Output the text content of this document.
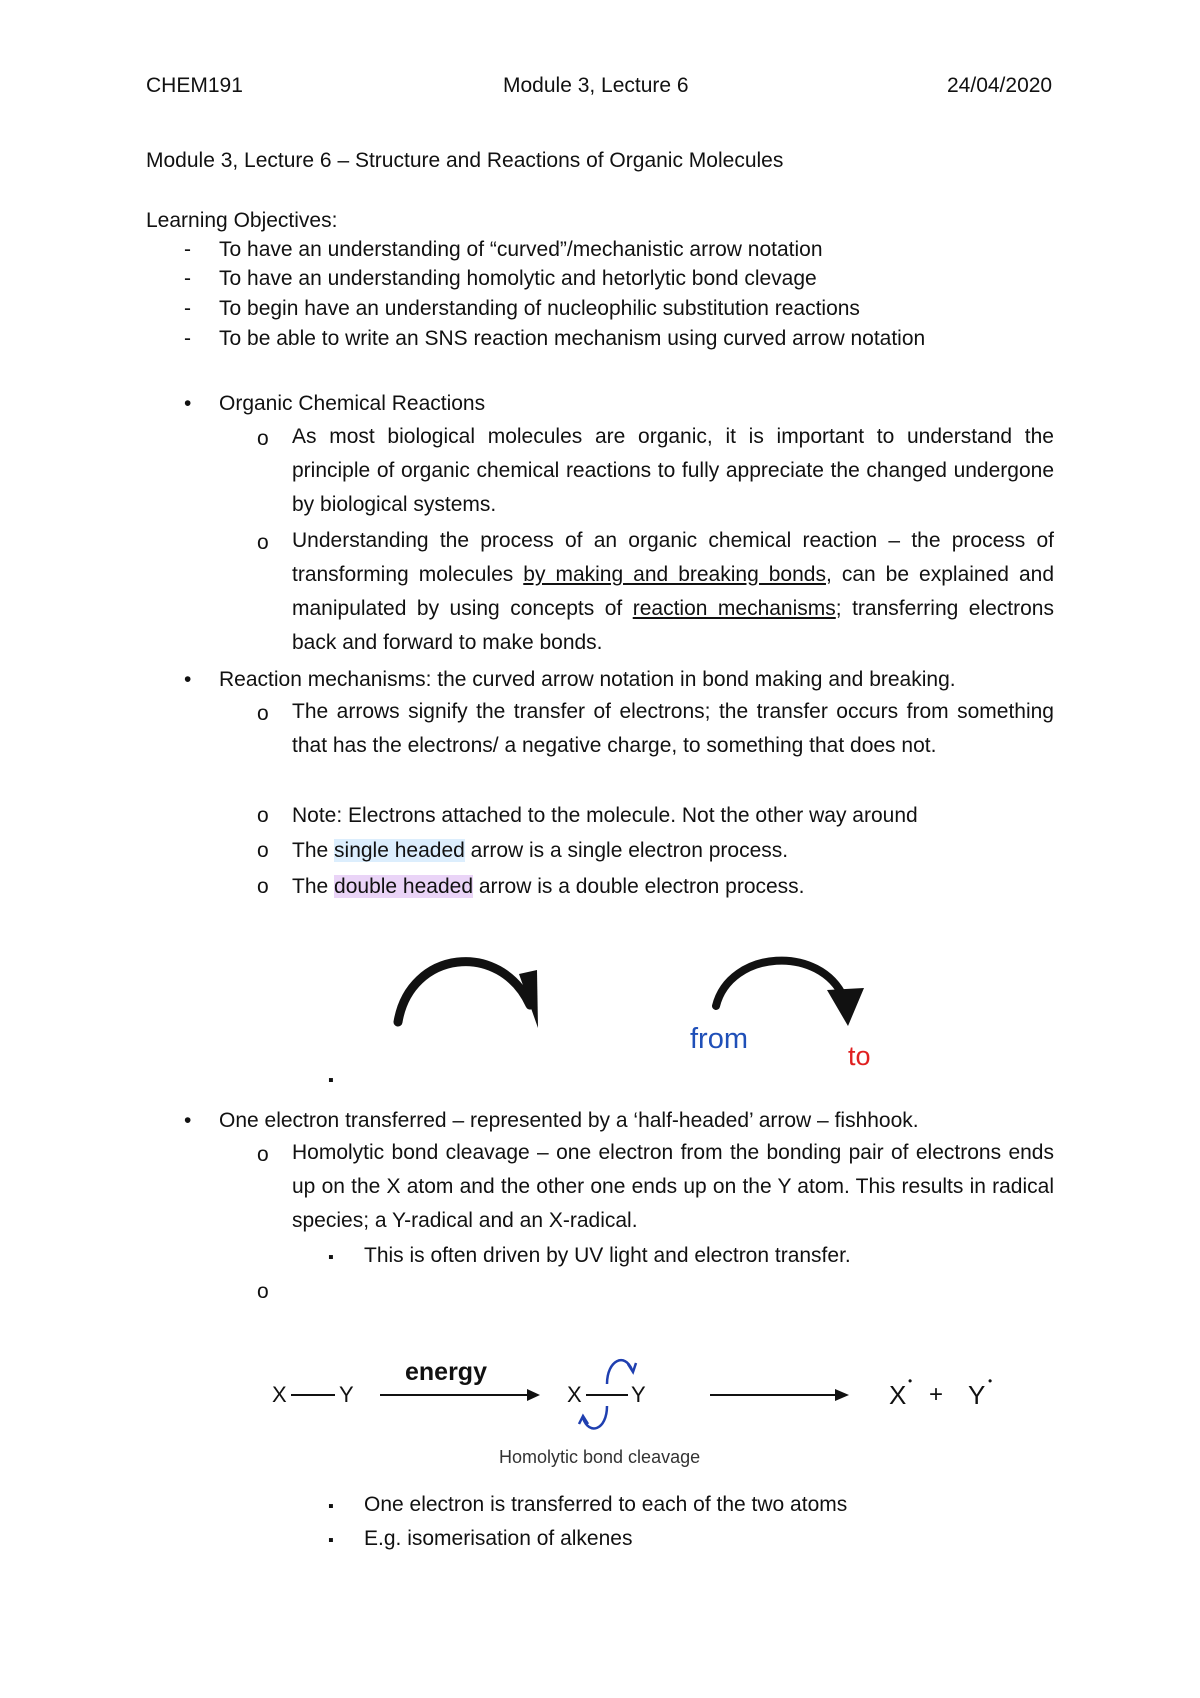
CHEM191	Module 3, Lecture 6	24/04/2020
Module 3, Lecture 6 – Structure and Reactions of Organic Molecules
Learning Objectives:
- To have an understanding of “curved”/mechanistic arrow notation
- To have an understanding homolytic and hetorlytic bond clevage
- To begin have an understanding of nucleophilic substitution reactions
- To be able to write an SNS reaction mechanism using curved arrow notation
• Organic Chemical Reactions
o As most biological molecules are organic, it is important to understand the principle of organic chemical reactions to fully appreciate the changed undergone by biological systems.
o Understanding the process of an organic chemical reaction – the process of transforming molecules by making and breaking bonds, can be explained and manipulated by using concepts of reaction mechanisms; transferring electrons back and forward to make bonds.
• Reaction mechanisms: the curved arrow notation in bond making and breaking.
o The arrows signify the transfer of electrons; the transfer occurs from something that has the electrons/ a negative charge, to something that does not.
o Note: Electrons attached to the molecule. Not the other way around
o The single headed arrow is a single electron process.
o The double headed arrow is a double electron process.
from
to
▪
• One electron transferred – represented by a ‘half-headed’ arrow – fishhook.
o Homolytic bond cleavage – one electron from the bonding pair of electrons ends up on the X atom and the other one ends up on the Y atom. This results in radical species; a Y-radical and an X-radical.
▪ This is often driven by UV light and electron transfer.
o
X Y
energy
X Y	X • + Y •
Homolytic bond cleavage
▪ One electron is transferred to each of the two atoms
▪ E.g. isomerisation of alkenes
